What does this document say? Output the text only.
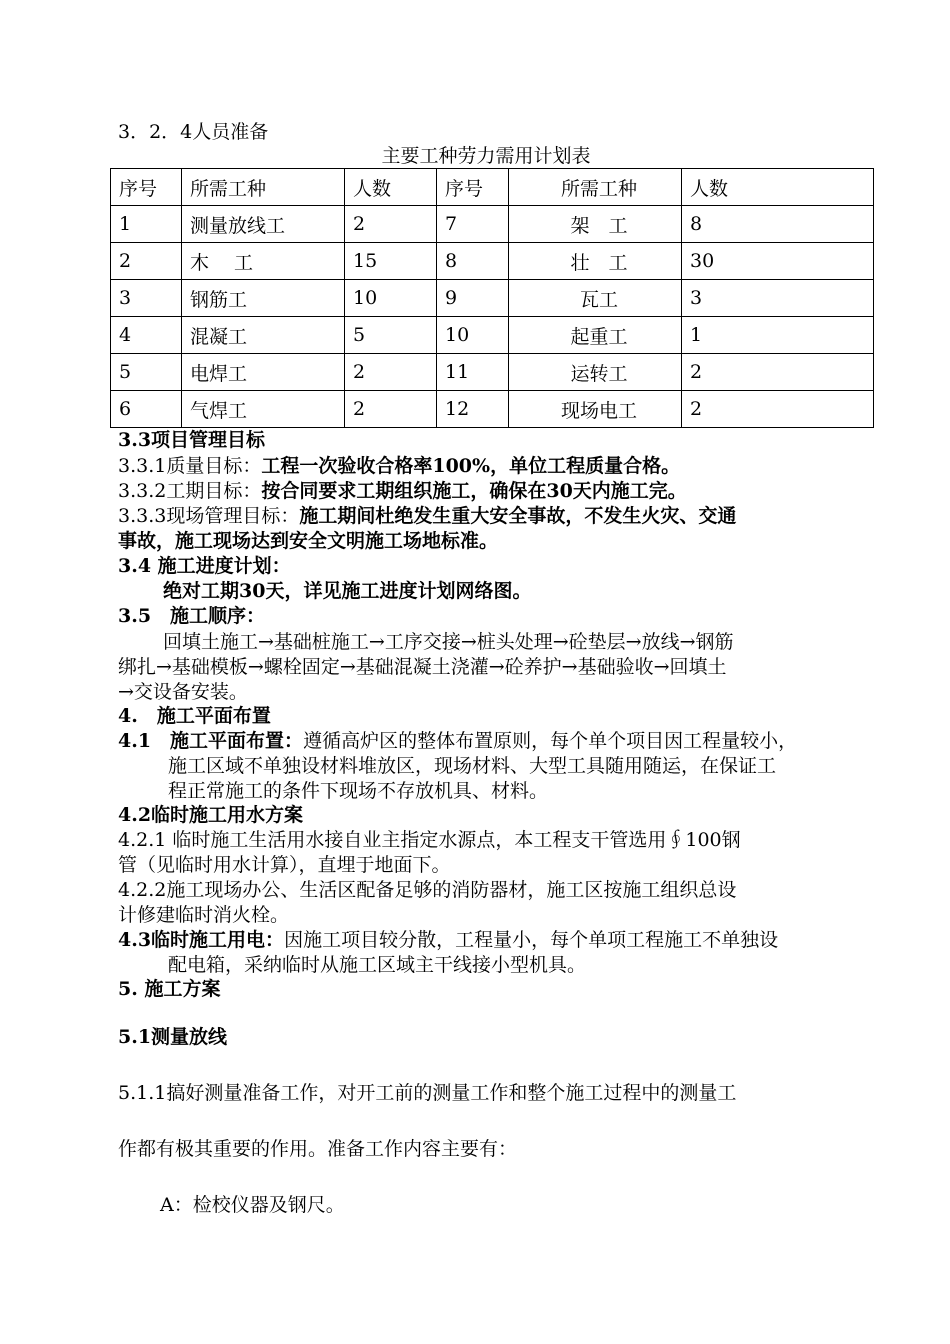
3．2．4人员准备
主要工种劳力需用计划表
序号	所需工种	人数	序号	所需工种	人数
1	测量放线工	2	7	架　工	8
2	木　 工	15	8	壮　工	30
3	钢筋工	10	9	瓦工	3
4	混凝工	5	10	起重工	1
5	电焊工	2	11	运转工	2
6	气焊工	2	12	现场电工	2
3.3项目管理目标
3.3.1质量目标：工程一次验收合格率100%，单位工程质量合格。
3.3.2工期目标：按合同要求工期组织施工，确保在30天内施工完。
3.3.3现场管理目标：施工期间杜绝发生重大安全事故，不发生火灾、交通
事故，施工现场达到安全文明施工场地标准。
3.4 施工进度计划：
绝对工期30天，详见施工进度计划网络图。
3.5　施工顺序：
回填土施工→基础桩施工→工序交接→桩头处理→砼垫层→放线→钢筋
绑扎→基础模板→螺栓固定→基础混凝土浇灌→砼养护→基础验收→回填土
→交设备安装。
4.　施工平面布置
4.1　施工平面布置：遵循高炉区的整体布置原则，每个单个项目因工程量较小，
施工区域不单独设材料堆放区，现场材料、大型工具随用随运，在保证工
程正常施工的条件下现场不存放机具、材料。
4.2临时施工用水方案
4.2.1 临时施工生活用水接自业主指定水源点，本工程支干管选用∮100钢
管（见临时用水计算），直埋于地面下。
4.2.2施工现场办公、生活区配备足够的消防器材，施工区按施工组织总设
计修建临时消火栓。
4.3临时施工用电：因施工项目较分散，工程量小，每个单项工程施工不单独设
配电箱，采纳临时从施工区域主干线接小型机具。
5. 施工方案
5.1测量放线
5.1.1搞好测量准备工作，对开工前的测量工作和整个施工过程中的测量工
作都有极其重要的作用。准备工作内容主要有：
A：检校仪器及钢尺。
